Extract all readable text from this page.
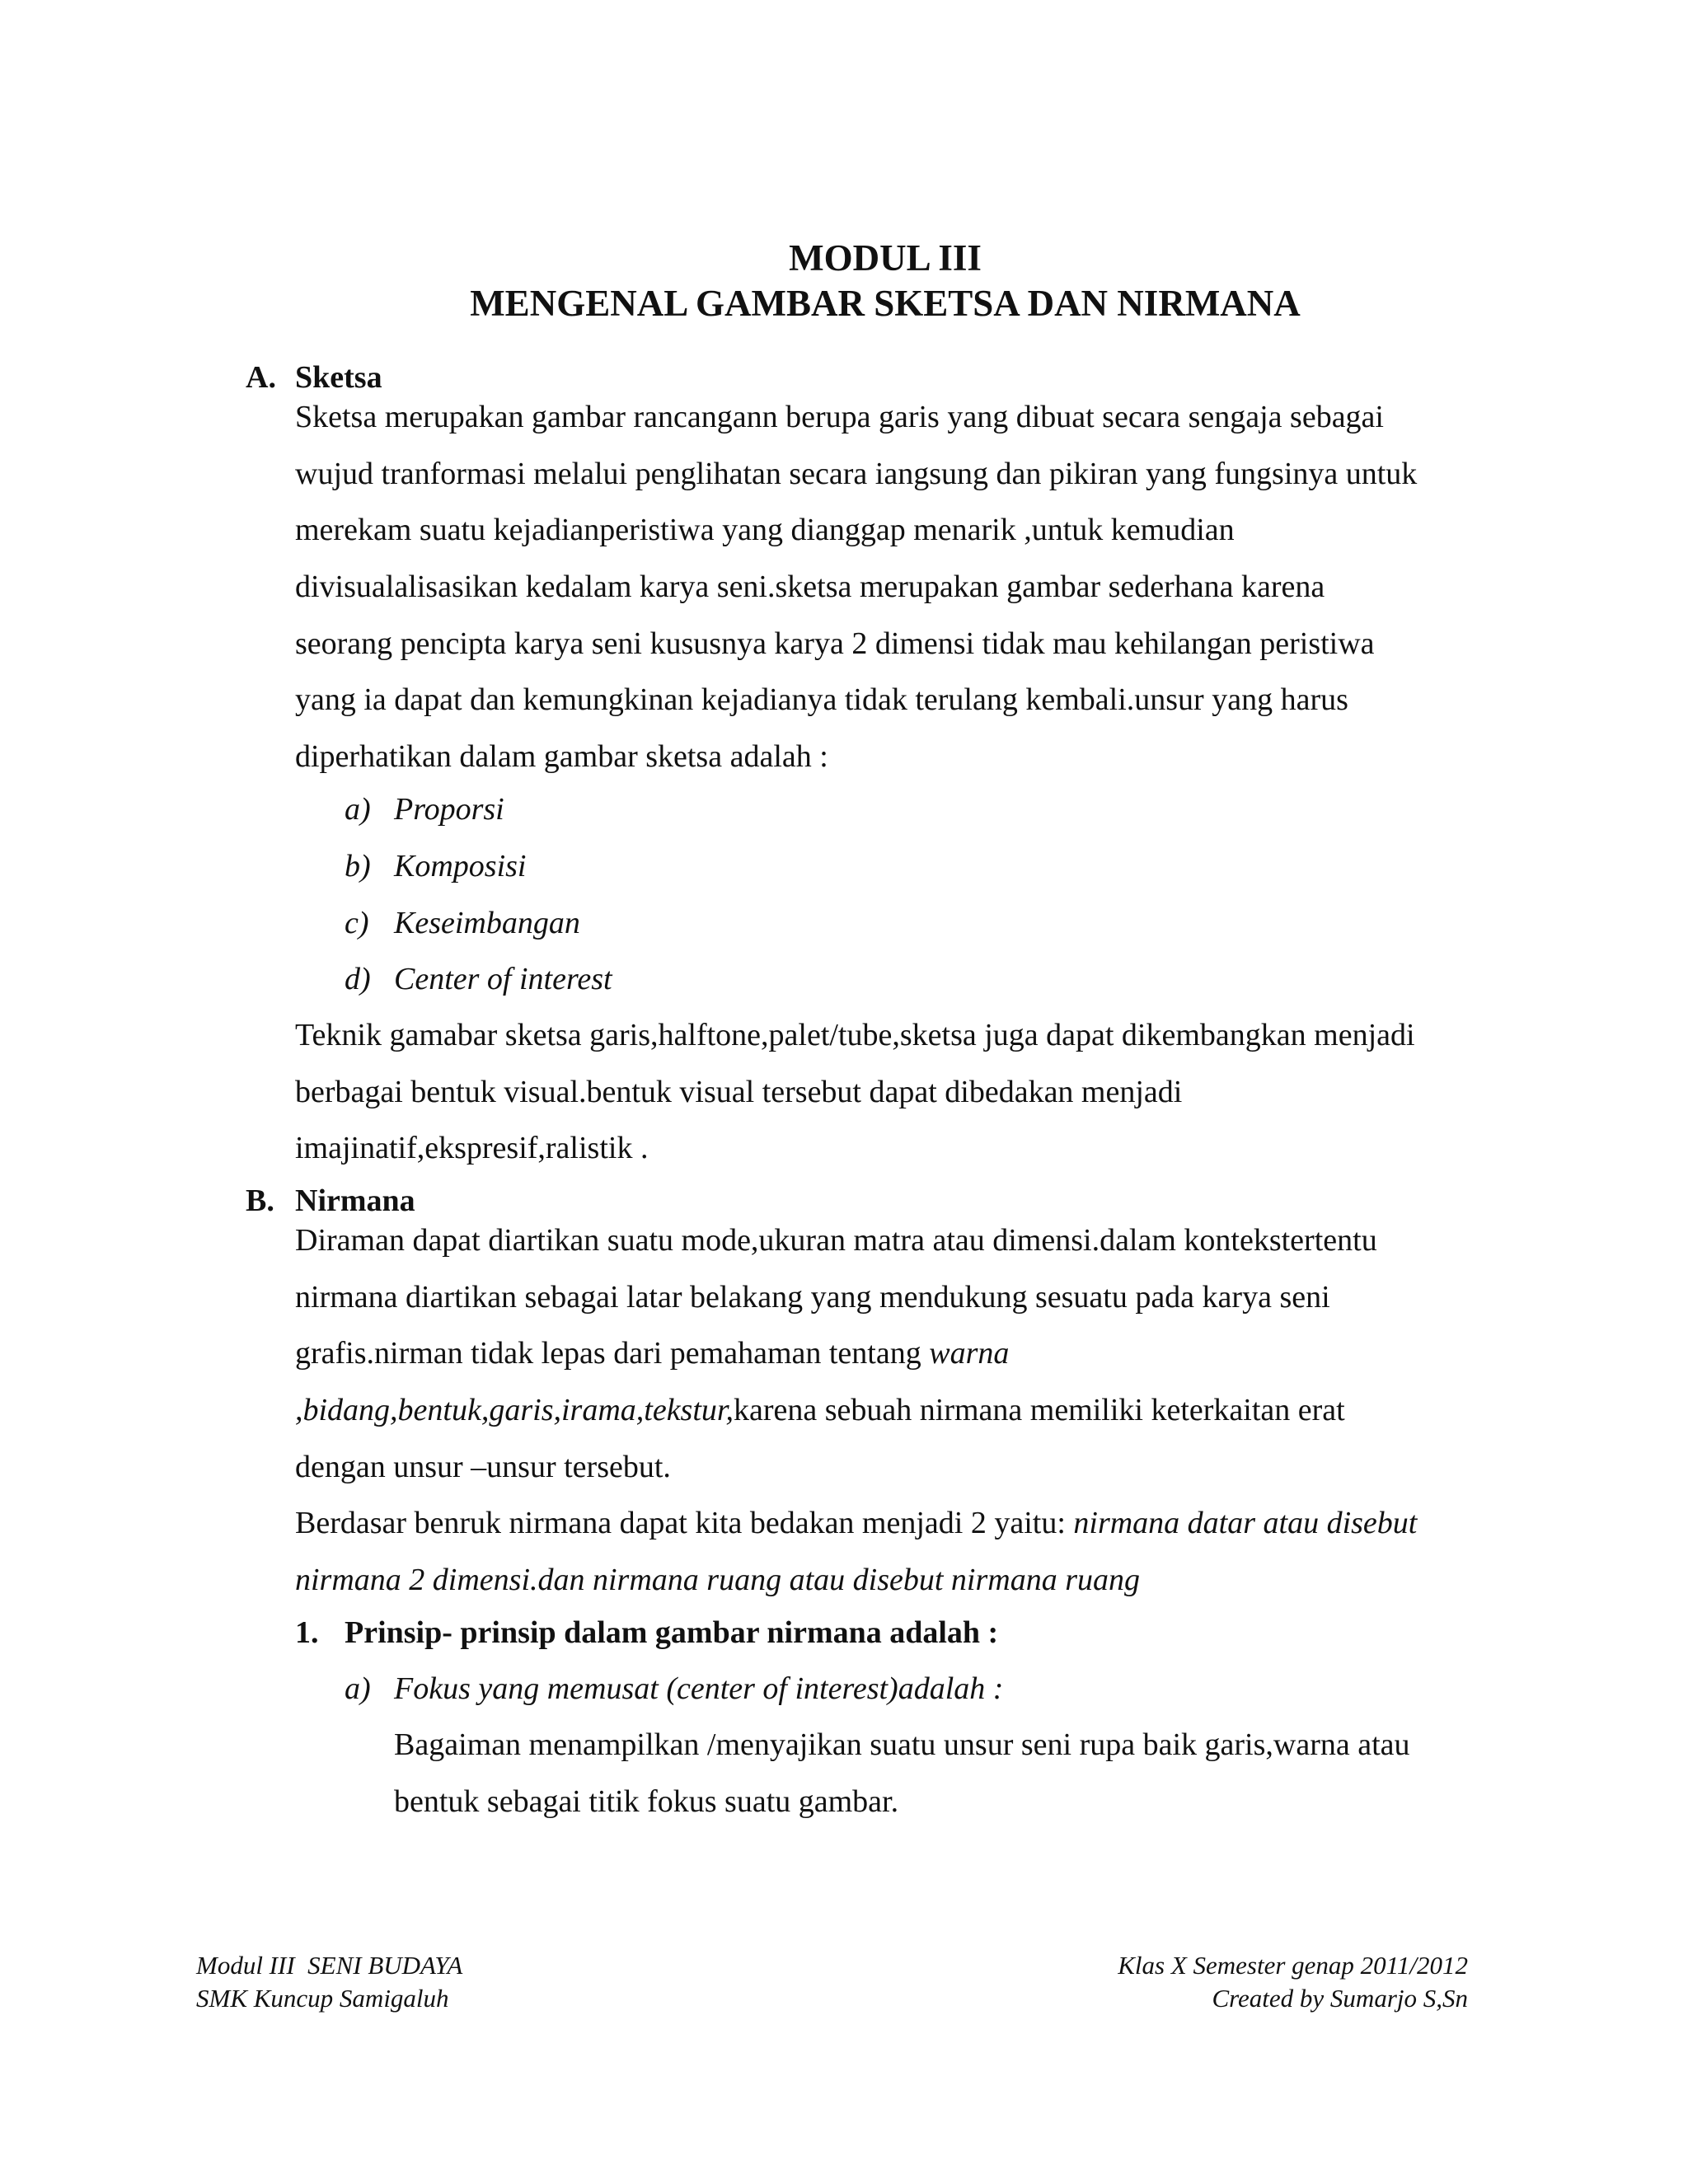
MODUL III
MENGENAL GAMBAR SKETSA DAN NIRMANA
A. Sketsa
Sketsa merupakan gambar rancangann berupa garis yang dibuat secara sengaja sebagai
wujud tranformasi melalui penglihatan secara iangsung dan pikiran yang fungsinya untuk
merekam suatu kejadianperistiwa yang dianggap menarik ,untuk kemudian
divisualalisasikan kedalam karya seni.sketsa merupakan gambar sederhana karena
seorang pencipta karya seni kususnya karya 2 dimensi tidak mau kehilangan peristiwa
yang ia dapat dan kemungkinan kejadianya tidak terulang kembali.unsur yang harus
diperhatikan dalam gambar sketsa adalah :
a) Proporsi
b) Komposisi
c) Keseimbangan
d) Center of interest
Teknik gamabar sketsa garis,halftone,palet/tube,sketsa juga dapat dikembangkan menjadi
berbagai bentuk visual.bentuk visual tersebut dapat dibedakan menjadi
imajinatif,ekspresif,ralistik .
B. Nirmana
Diraman dapat diartikan suatu mode,ukuran matra atau dimensi.dalam kontekstertentu
nirmana diartikan sebagai latar belakang yang mendukung sesuatu pada karya seni
grafis.nirman tidak lepas dari pemahaman tentang warna
,bidang,bentuk,garis,irama,tekstur,karena sebuah nirmana memiliki keterkaitan erat
dengan unsur –unsur tersebut.
Berdasar benruk nirmana dapat kita bedakan menjadi 2 yaitu: nirmana datar atau disebut
nirmana 2 dimensi.dan nirmana ruang atau disebut nirmana ruang
1. Prinsip- prinsip dalam gambar nirmana adalah :
a) Fokus yang memusat (center of interest)adalah :
Bagaiman menampilkan /menyajikan suatu unsur seni rupa baik garis,warna atau
bentuk sebagai titik fokus suatu gambar.
Modul III  SENI BUDAYA
SMK Kuncup Samigaluh
Klas X Semester genap 2011/2012
Created by Sumarjo S,Sn
